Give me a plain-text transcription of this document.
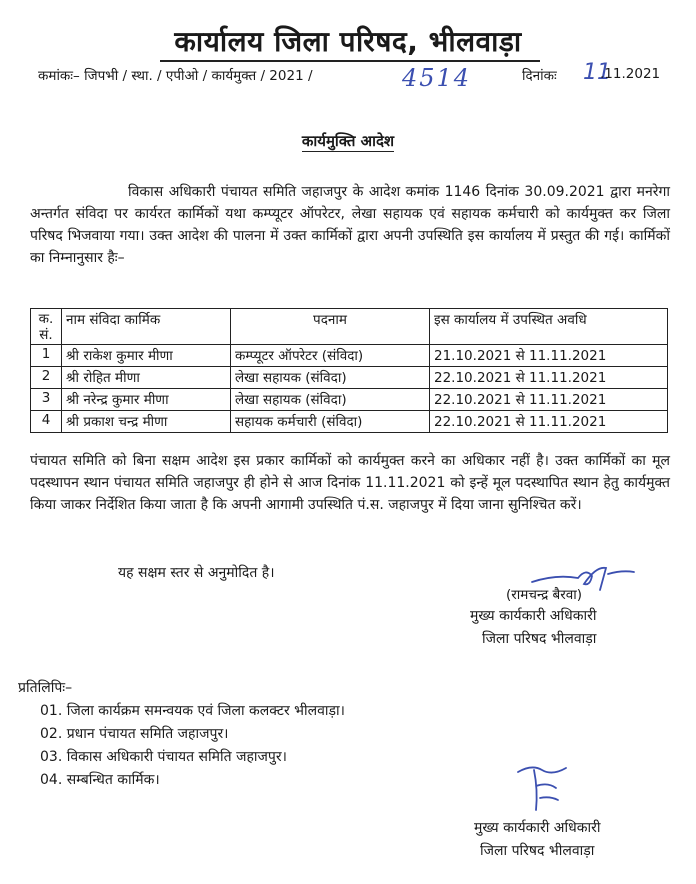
कार्यालय जिला परिषद, भीलवाड़ा
कमांकः– जिपभी / स्था. / एपीओ / कार्यमुक्त / 2021 /	4514	दिनांकः 11
.11.2021
कार्यमुक्ति आदेश
विकास अधिकारी पंचायत समिति जहाजपुर के आदेश कमांक 1146 दिनांक 30.09.2021 द्वारा मनरेगा अन्तर्गत संविदा पर कार्यरत कार्मिकों यथा कम्प्यूटर ऑपरेटर, लेखा सहायक एवं सहायक कर्मचारी को कार्यमुक्त कर जिला परिषद भिजवाया गया। उक्त आदेश की पालना में उक्त कार्मिकों द्वारा अपनी उपस्थिति इस कार्यालय में प्रस्तुत की गई। कार्मिकों का निम्नानुसार हैः–
क. सं.	नाम संविदा कार्मिक	पदनाम	इस कार्यालय में उपस्थित अवधि
1	श्री राकेश कुमार मीणा	कम्प्यूटर ऑपरेटर (संविदा)	21.10.2021 से 11.11.2021
2	श्री रोहित मीणा	लेखा सहायक (संविदा)	22.10.2021 से 11.11.2021
3	श्री नरेन्द्र कुमार मीणा	लेखा सहायक (संविदा)	22.10.2021 से 11.11.2021
4	श्री प्रकाश चन्द्र मीणा	सहायक कर्मचारी (संविदा)	22.10.2021 से 11.11.2021
पंचायत समिति को बिना सक्षम आदेश इस प्रकार कार्मिकों को कार्यमुक्त करने का अधिकार नहीं है। उक्त कार्मिकों का मूल पदस्थापन स्थान पंचायत समिति जहाजपुर ही होने से आज दिनांक 11.11.2021 को इन्हें मूल पदस्थापित स्थान हेतु कार्यमुक्त किया जाकर निर्देशित किया जाता है कि अपनी आगामी उपस्थिति पं.स. जहाजपुर में दिया जाना सुनिश्चित करें।
यह सक्षम स्तर से अनुमोदित है।
(रामचन्द्र बैरवा)
मुख्य कार्यकारी अधिकारी
जिला परिषद भीलवाड़ा
प्रतिलिपिः–
01. जिला कार्यक्रम समन्वयक एवं जिला कलक्टर भीलवाड़ा।
02. प्रधान पंचायत समिति जहाजपुर।
03. विकास अधिकारी पंचायत समिति जहाजपुर।
04. सम्बन्धित कार्मिक।
मुख्य कार्यकारी अधिकारी
जिला परिषद भीलवाड़ा
